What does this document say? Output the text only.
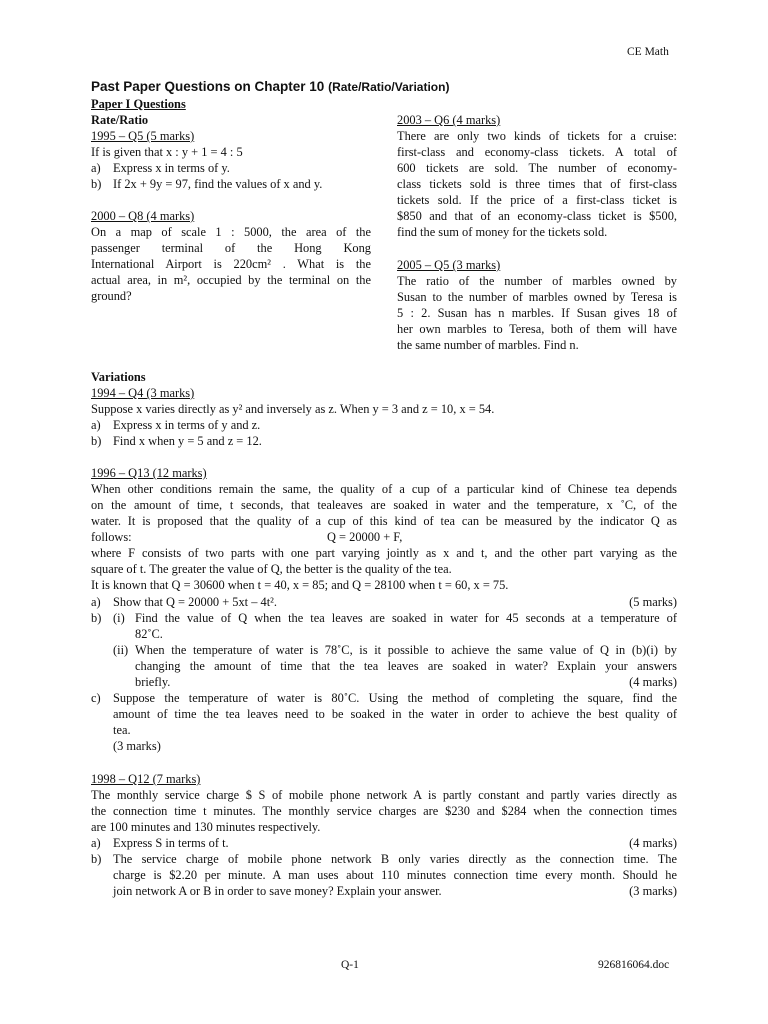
CE Math
Past Paper Questions on Chapter 10 (Rate/Ratio/Variation)
Paper I Questions
Rate/Ratio
1995 – Q5 (5 marks)
If is given that x : y + 1 = 4 : 5
a) Express x in terms of y.
b) If 2x + 9y = 97, find the values of x and y.
2000 – Q8 (4 marks)
On a map of scale 1 : 5000, the area of the
passenger terminal of the Hong Kong
International Airport is 220cm² . What is the
actual area, in m², occupied by the terminal on the
ground?
2003 – Q6 (4 marks)
There are only two kinds of tickets for a cruise:
first-class and economy-class tickets. A total of
600 tickets are sold. The number of economy-
class tickets sold is three times that of first-class
tickets sold. If the price of a first-class ticket is
$850 and that of an economy-class ticket is $500,
find the sum of money for the tickets sold.
2005 – Q5 (3 marks)
The ratio of the number of marbles owned by
Susan to the number of marbles owned by Teresa is
5 : 2. Susan has n marbles. If Susan gives 18 of
her own marbles to Teresa, both of them will have
the same number of marbles. Find n.
Variations
1994 – Q4 (3 marks)
Suppose x varies directly as y² and inversely as z. When y = 3 and z = 10, x = 54.
a) Express x in terms of y and z.
b) Find x when y = 5 and z = 12.
1996 – Q13 (12 marks)
When other conditions remain the same, the quality of a cup of a particular kind of Chinese tea depends
on the amount of time, t seconds, that tealeaves are soaked in water and the temperature, x ˚C, of the
water. It is proposed that the quality of a cup of this kind of tea can be measured by the indicator Q as
follows:	Q = 20000 + F,
where F consists of two parts with one part varying jointly as x and t, and the other part varying as the
square of t. The greater the value of Q, the better is the quality of the tea.
It is known that Q = 30600 when t = 40, x = 85; and Q = 28100 when t = 60, x = 75.
a) Show that Q = 20000 + 5xt – 4t².	(5 marks)
b) (i) Find the value of Q when the tea leaves are soaked in water for 45 seconds at a temperature of
82˚C.
(ii) When the temperature of water is 78˚C, is it possible to achieve the same value of Q in (b)(i) by
changing the amount of time that the tea leaves are soaked in water? Explain your answers
briefly.	(4 marks)
c) Suppose the temperature of water is 80˚C. Using the method of completing the square, find the
amount of time the tea leaves need to be soaked in the water in order to achieve the best quality of
tea.
(3 marks)
1998 – Q12 (7 marks)
The monthly service charge $ S of mobile phone network A is partly constant and partly varies directly as
the connection time t minutes. The monthly service charges are $230 and $284 when the connection times
are 100 minutes and 130 minutes respectively.
a) Express S in terms of t.	(4 marks)
b) The service charge of mobile phone network B only varies directly as the connection time. The
charge is $2.20 per minute. A man uses about 110 minutes connection time every month. Should he
join network A or B in order to save money? Explain your answer.	(3 marks)
Q-1	926816064.doc
